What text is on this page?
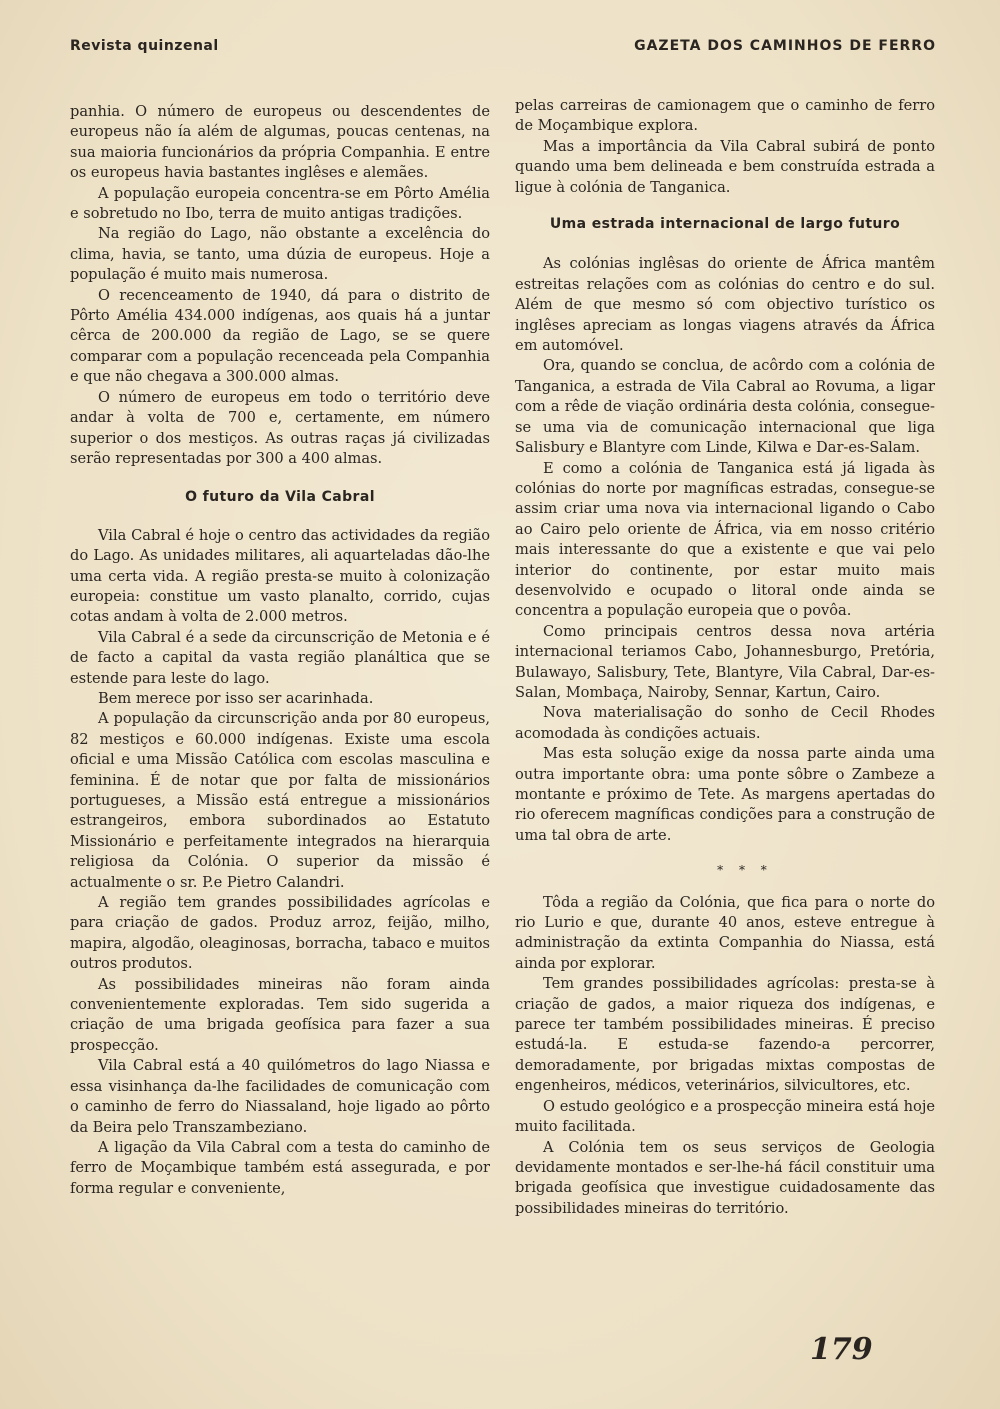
Revista quinzenal	GAZETA DOS CAMINHOS DE FERRO

panhia. O número de europeus ou descendentes de europeus não ía além de algumas, poucas centenas, na sua maioria funcionários da própria Companhia. E entre os europeus havia bastantes inglêses e alemães.

A população europeia concentra-se em Pôrto Amélia e sobretudo no Ibo, terra de muito antigas tradições.

Na região do Lago, não obstante a excelência do clima, havia, se tanto, uma dúzia de europeus. Hoje a população é muito mais numerosa.

O recenceamento de 1940, dá para o distrito de Pôrto Amélia 434.000 indígenas, aos quais há a juntar cêrca de 200.000 da região de Lago, se se quere comparar com a população recenceada pela Companhia e que não chegava a 300.000 almas.

O número de europeus em todo o território deve andar à volta de 700 e, certamente, em número superior o dos mestiços. As outras raças já civilizadas serão representadas por 300 a 400 almas.

O futuro da Vila Cabral

Vila Cabral é hoje o centro das actividades da região do Lago. As unidades militares, ali aquarteladas dão-lhe uma certa vida. A região presta-se muito à colonização europeia: constitue um vasto planalto, corrido, cujas cotas andam à volta de 2.000 metros.

Vila Cabral é a sede da circunscrição de Metonia e é de facto a capital da vasta região planáltica que se estende para leste do lago.

Bem merece por isso ser acarinhada.

A população da circunscrição anda por 80 europeus, 82 mestiços e 60.000 indígenas. Existe uma escola oficial e uma Missão Católica com escolas masculina e feminina. É de notar que por falta de missionários portugueses, a Missão está entregue a missionários estrangeiros, embora subordinados ao Estatuto Missionário e perfeitamente integrados na hierarquia religiosa da Colónia. O superior da missão é actualmente o sr. P.e Pietro Calandri.

A região tem grandes possibilidades agrícolas e para criação de gados. Produz arroz, feijão, milho, mapira, algodão, oleaginosas, borracha, tabaco e muitos outros produtos.

As possibilidades mineiras não foram ainda convenientemente exploradas. Tem sido sugerida a criação de uma brigada geofísica para fazer a sua prospecção.

Vila Cabral está a 40 quilómetros do lago Niassa e essa visinhança da-lhe facilidades de comunicação com o caminho de ferro do Niassaland, hoje ligado ao pôrto da Beira pelo Transzambeziano.

A ligação da Vila Cabral com a testa do caminho de ferro de Moçambique também está assegurada, e por forma regular e conveniente,

pelas carreiras de camionagem que o caminho de ferro de Moçambique explora.

Mas a importância da Vila Cabral subirá de ponto quando uma bem delineada e bem construída estrada a ligue à colónia de Tanganica.

Uma estrada internacional de largo futuro

As colónias inglêsas do oriente de África mantêm estreitas relações com as colónias do centro e do sul. Além de que mesmo só com objectivo turístico os inglêses apreciam as longas viagens através da África em automóvel.

Ora, quando se conclua, de acôrdo com a colónia de Tanganica, a estrada de Vila Cabral ao Rovuma, a ligar com a rêde de viação ordinária desta colónia, consegue-se uma via de comunicação internacional que liga Salisbury e Blantyre com Linde, Kilwa e Dar-es-Salam.

E como a colónia de Tanganica está já ligada às colónias do norte por magníficas estradas, consegue-se assim criar uma nova via internacional ligando o Cabo ao Cairo pelo oriente de África, via em nosso critério mais interessante do que a existente e que vai pelo interior do continente, por estar muito mais desenvolvido e ocupado o litoral onde ainda se concentra a população europeia que o povôa.

Como principais centros dessa nova artéria internacional teriamos Cabo, Johannesburgo, Pretória, Bulawayo, Salisbury, Tete, Blantyre, Vila Cabral, Dar-es-Salan, Mombaça, Nairoby, Sennar, Kartun, Cairo.

Nova materialisação do sonho de Cecil Rhodes acomodada às condições actuais.

Mas esta solução exige da nossa parte ainda uma outra importante obra: uma ponte sôbre o Zambeze a montante e próximo de Tete. As margens apertadas do rio oferecem magníficas condições para a construção de uma tal obra de arte.

* * *

Tôda a região da Colónia, que fica para o norte do rio Lurio e que, durante 40 anos, esteve entregue à administração da extinta Companhia do Niassa, está ainda por explorar.

Tem grandes possibilidades agrícolas: presta-se à criação de gados, a maior riqueza dos indígenas, e parece ter também possibilidades mineiras. É preciso estudá-la. E estuda-se fazendo-a percorrer, demoradamente, por brigadas mixtas compostas de engenheiros, médicos, veterinários, silvicultores, etc.

O estudo geológico e a prospecção mineira está hoje muito facilitada.

A Colónia tem os seus serviços de Geologia devidamente montados e ser-lhe-há fácil constituir uma brigada geofísica que investigue cuidadosamente das possibilidades mineiras do território.

179
